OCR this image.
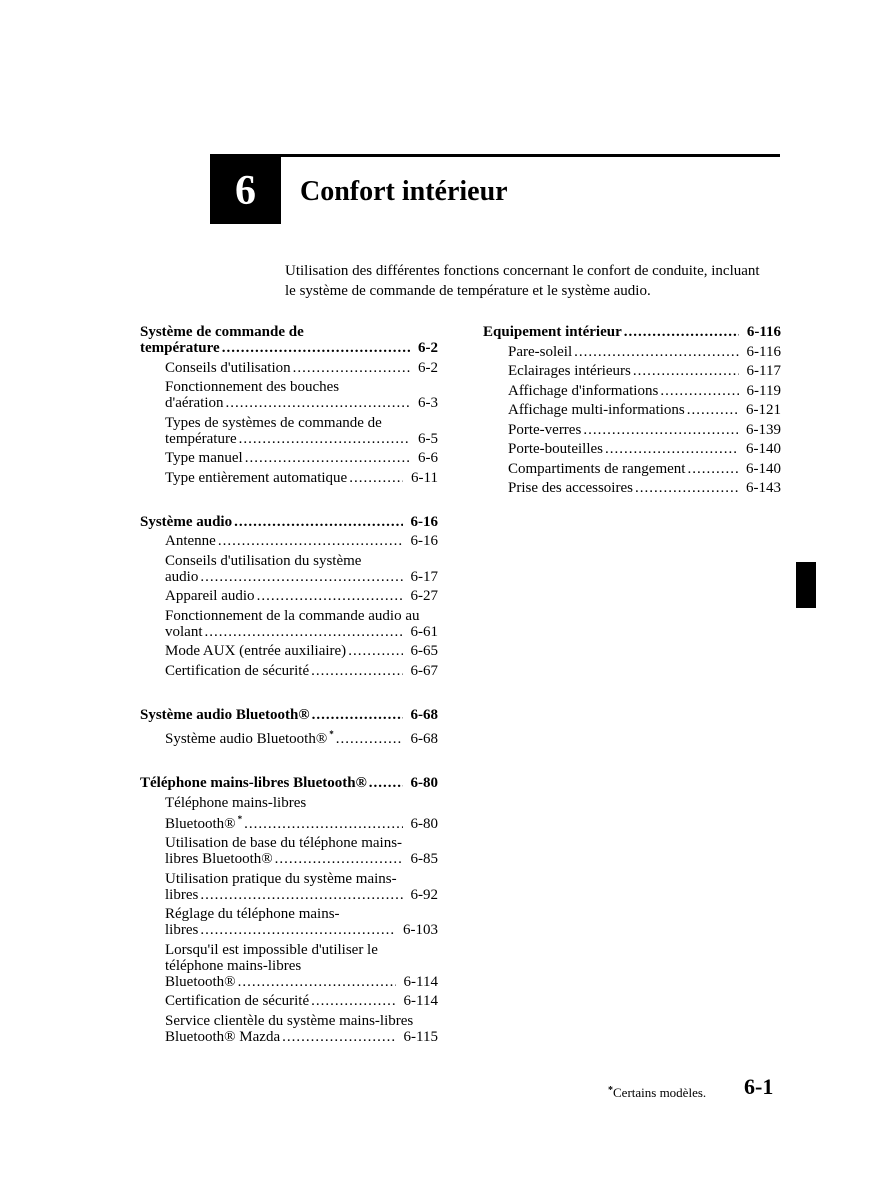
6 Confort intérieur
Utilisation des différentes fonctions concernant le confort de conduite, incluant
le système de commande de température et le système audio.
Système de commande de
température .....	6-2
Conseils d'utilisation .....	6-2
Fonctionnement des bouches
d'aération .....	6-3
Types de systèmes de commande de
température .....	6-5
Type manuel .....	6-6
Type entièrement automatique .....	6-11
Système audio .....	6-16
Antenne .....	6-16
Conseils d'utilisation du système
audio .....	6-17
Appareil audio .....	6-27
Fonctionnement de la commande audio au
volant .....	6-61
Mode AUX (entrée auxiliaire) .....	6-65
Certification de sécurité .....	6-67
Système audio Bluetooth® .....	6-68
Système audio Bluetooth® * .....	6-68
Téléphone mains-libres Bluetooth® .....	6-80
Téléphone mains-libres
Bluetooth® * .....	6-80
Utilisation de base du téléphone mains-
libres Bluetooth® .....	6-85
Utilisation pratique du système mains-
libres .....	6-92
Réglage du téléphone mains-
libres .....	6-103
Lorsqu'il est impossible d'utiliser le
téléphone mains-libres
Bluetooth® .....	6-114
Certification de sécurité .....	6-114
Service clientèle du système mains-libres
Bluetooth® Mazda .....	6-115
Equipement intérieur .....	6-116
Pare-soleil .....	6-116
Eclairages intérieurs .....	6-117
Affichage d'informations .....	6-119
Affichage multi-informations .....	6-121
Porte-verres .....	6-139
Porte-bouteilles .....	6-140
Compartiments de rangement .....	6-140
Prise des accessoires .....	6-143
*Certains modèles. 6-1
